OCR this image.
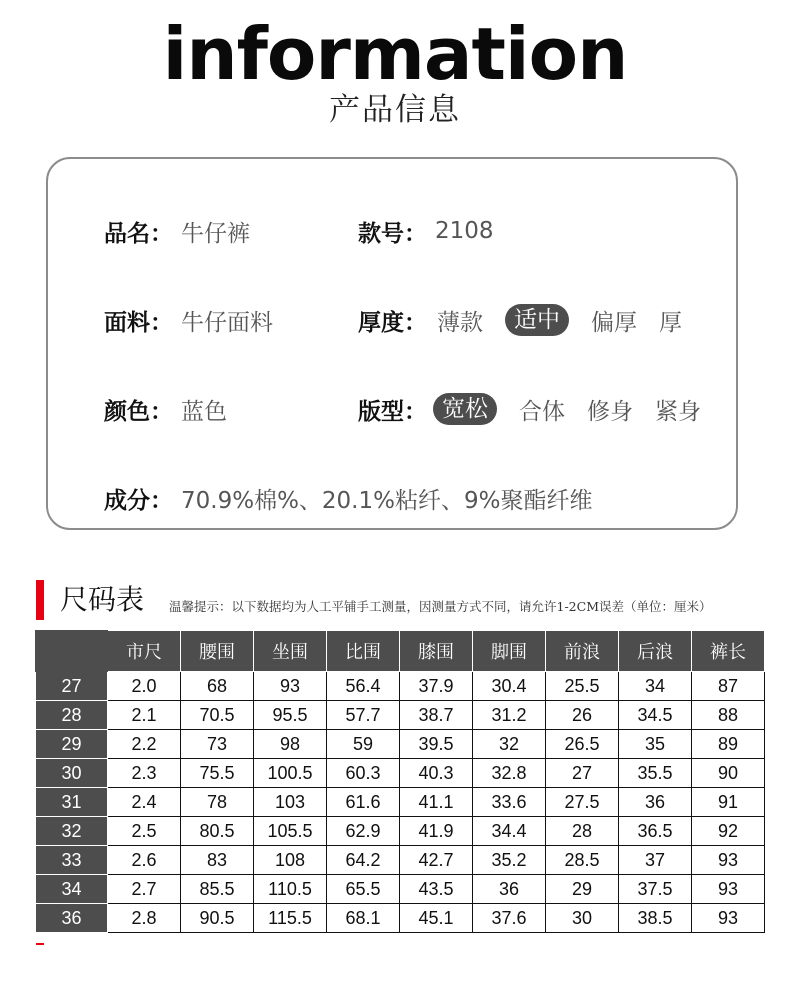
information
产品信息
品名： 牛仔裤	款号： 2108
面料： 牛仔面料	厚度： 薄款	适中	偏厚 厚
颜色： 蓝色	版型： 宽松	合体 修身 紧身
成分： 70.9%棉%、20.1%粘纤、9%聚酯纤维
尺码表 温馨提示：以下数据均为人工平铺手工测量，因测量方式不同，请允许1-2CM误差（单位：厘米）
	市尺	腰围	坐围	比围	膝围	脚围	前浪	后浪	裤长
27	2.0	68	93	56.4	37.9	30.4	25.5	34	87
28	2.1	70.5	95.5	57.7	38.7	31.2	26	34.5	88
29	2.2	73	98	59	39.5	32	26.5	35	89
30	2.3	75.5	100.5	60.3	40.3	32.8	27	35.5	90
31	2.4	78	103	61.6	41.1	33.6	27.5	36	91
32	2.5	80.5	105.5	62.9	41.9	34.4	28	36.5	92
33	2.6	83	108	64.2	42.7	35.2	28.5	37	93
34	2.7	85.5	110.5	65.5	43.5	36	29	37.5	93
36	2.8	90.5	115.5	68.1	45.1	37.6	30	38.5	93
